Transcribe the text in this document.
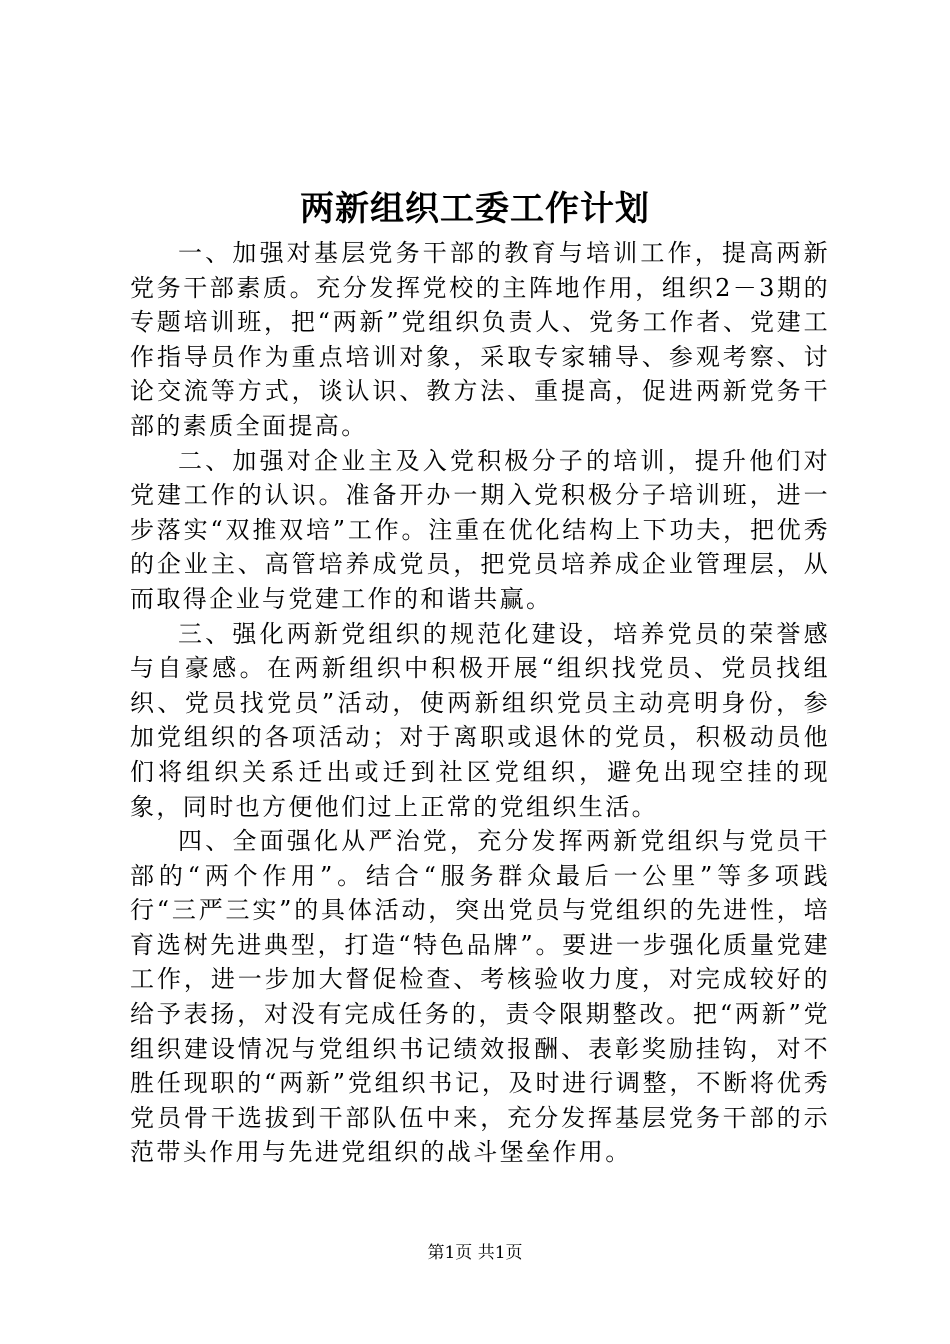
两新组织工委工作计划

一、加强对基层党务干部的教育与培训工作，提高两新党务干部素质。充分发挥党校的主阵地作用，组织2－3期的专题培训班，把“两新”党组织负责人、党务工作者、党建工作指导员作为重点培训对象，采取专家辅导、参观考察、讨论交流等方式，谈认识、教方法、重提高，促进两新党务干部的素质全面提高。

二、加强对企业主及入党积极分子的培训，提升他们对党建工作的认识。准备开办一期入党积极分子培训班，进一步落实“双推双培”工作。注重在优化结构上下功夫，把优秀的企业主、高管培养成党员，把党员培养成企业管理层，从而取得企业与党建工作的和谐共赢。

三、强化两新党组织的规范化建设，培养党员的荣誉感与自豪感。在两新组织中积极开展“组织找党员、党员找组织、党员找党员”活动，使两新组织党员主动亮明身份，参加党组织的各项活动；对于离职或退休的党员，积极动员他们将组织关系迁出或迁到社区党组织，避免出现空挂的现象，同时也方便他们过上正常的党组织生活。

四、全面强化从严治党，充分发挥两新党组织与党员干部的“两个作用”。结合“服务群众最后一公里”等多项践行“三严三实”的具体活动，突出党员与党组织的先进性，培育选树先进典型，打造“特色品牌”。要进一步强化质量党建工作，进一步加大督促检查、考核验收力度，对完成较好的给予表扬，对没有完成任务的，责令限期整改。把“两新”党组织建设情况与党组织书记绩效报酬、表彰奖励挂钩，对不胜任现职的“两新”党组织书记，及时进行调整，不断将优秀党员骨干选拔到干部队伍中来，充分发挥基层党务干部的示范带头作用与先进党组织的战斗堡垒作用。

第1页 共1页
